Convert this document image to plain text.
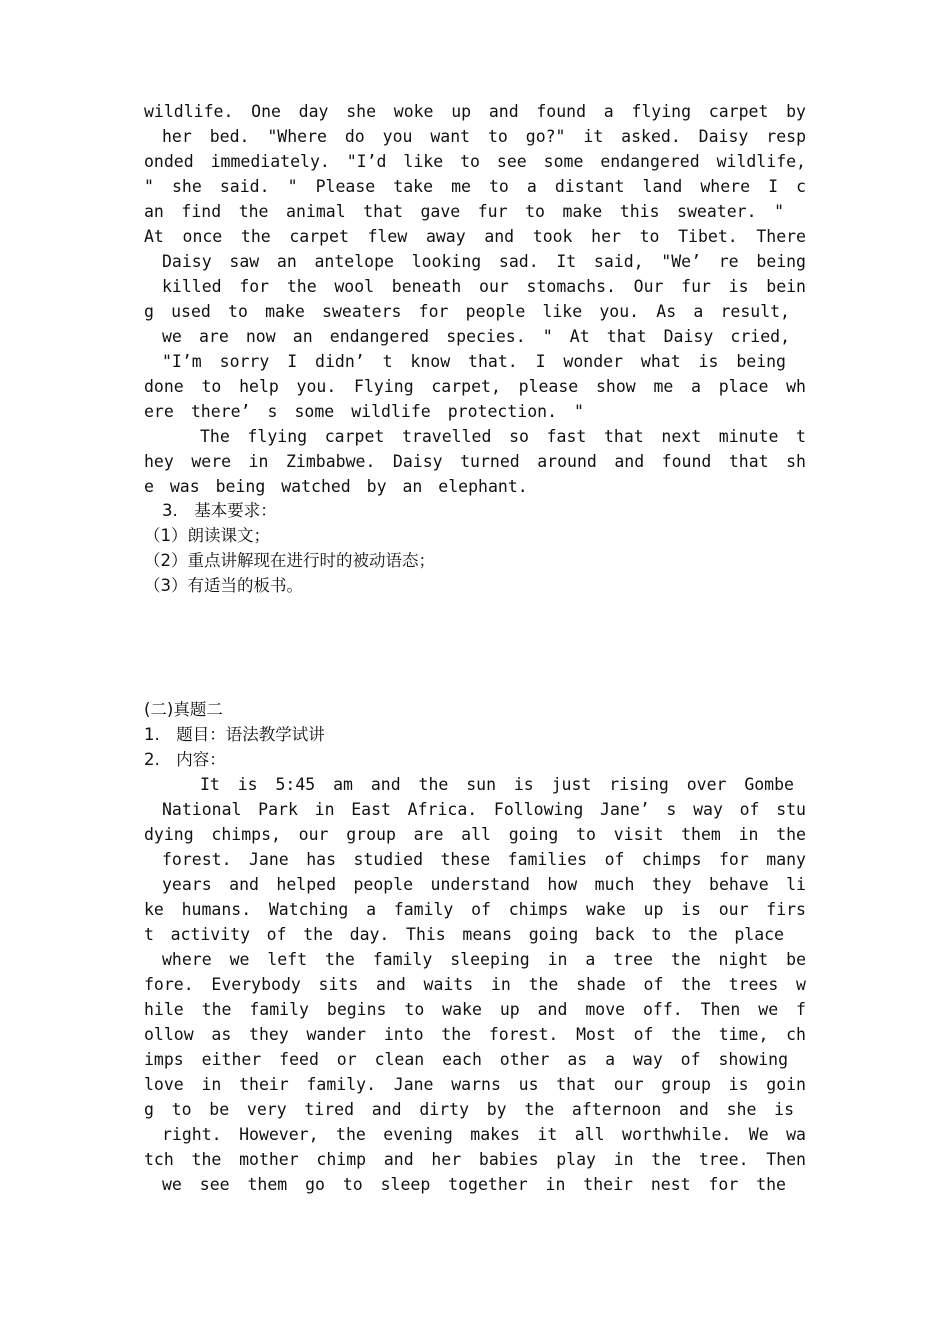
wildlife. One day she woke up and found a flying carpet by
her bed. "Where do you want to go?" it asked. Daisy resp
onded immediately. "I’d like to see some endangered wildlife,
" she said. " Please take me to a distant land where I c
an find the animal that gave fur to make this sweater. "
At once the carpet flew away and took her to Tibet. There
Daisy saw an antelope looking sad. It said, "We’ re being
killed for the wool beneath our stomachs. Our fur is bein
g used to make sweaters for people like you. As a result,
we are now an endangered species. " At that Daisy cried,
"I’m sorry I didn’ t know that. I wonder what is being
done to help you. Flying carpet, please show me a place wh
ere there’ s some wildlife protection. "
The flying carpet travelled so fast that next minute t
hey were in Zimbabwe. Daisy turned around and found that sh
e was being watched by an elephant.
3.　基本要求：
（1）朗读课文；
（2）重点讲解现在进行时的被动语态；
（3）有适当的板书。
(二)真题二
1.　题目：语法教学试讲
2.　内容：
It is 5:45 am and the sun is just rising over Gombe
National Park in East Africa. Following Jane’ s way of stu
dying chimps, our group are all going to visit them in the
forest. Jane has studied these families of chimps for many
years and helped people understand how much they behave li
ke humans. Watching a family of chimps wake up is our firs
t activity of the day. This means going back to the place
where we left the family sleeping in a tree the night be
fore. Everybody sits and waits in the shade of the trees w
hile the family begins to wake up and move off. Then we f
ollow as they wander into the forest. Most of the time, ch
imps either feed or clean each other as a way of showing
love in their family. Jane warns us that our group is goin
g to be very tired and dirty by the afternoon and she is
right. However, the evening makes it all worthwhile. We wa
tch the mother chimp and her babies play in the tree. Then
we see them go to sleep together in their nest for the
